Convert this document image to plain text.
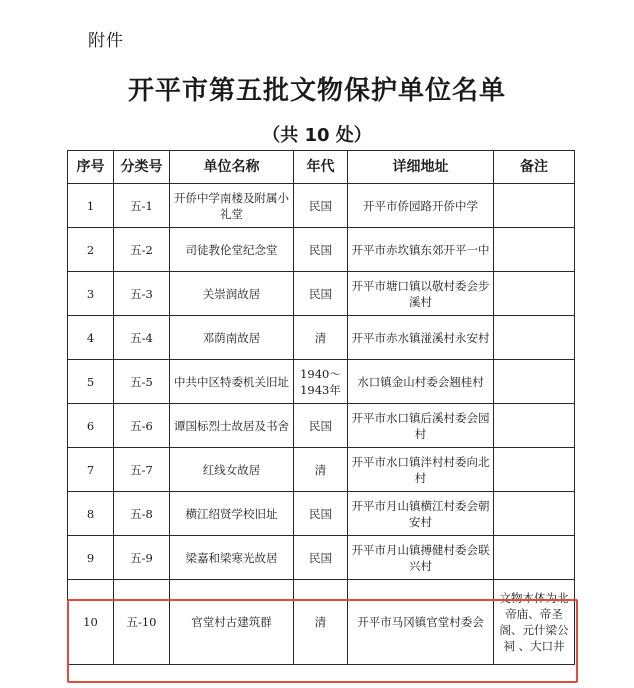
附件
开平市第五批文物保护单位名单
（共 10 处）
序号	分类号	单位名称	年代	详细地址	备注
1	五-1	开侨中学南楼及附属小礼堂	民国	开平市侨园路开侨中学	
2	五-2	司徒教伦堂纪念堂	民国	开平市赤坎镇东郊开平一中	
3	五-3	关崇润故居	民国	开平市塘口镇以敬村委会步溪村	
4	五-4	邓荫南故居	清	开平市赤水镇湴溪村永安村	
5	五-5	中共中区特委机关旧址	1940～1943年	水口镇金山村委会翘桂村	
6	五-6	谭国标烈士故居及书舍	民国	开平市水口镇后溪村委会园村	
7	五-7	红线女故居	清	开平市水口镇泮村村委向北村	
8	五-8	横江绍贤学校旧址	民国	开平市月山镇横江村委会朝安村	
9	五-9	梁嘉和梁寒光故居	民国	开平市月山镇搏健村委会联兴村	
10	五-10	官堂村古建筑群	清	开平市马冈镇官堂村委会	文物本体为北帝庙、帝圣阁、元什梁公祠 、大口井
